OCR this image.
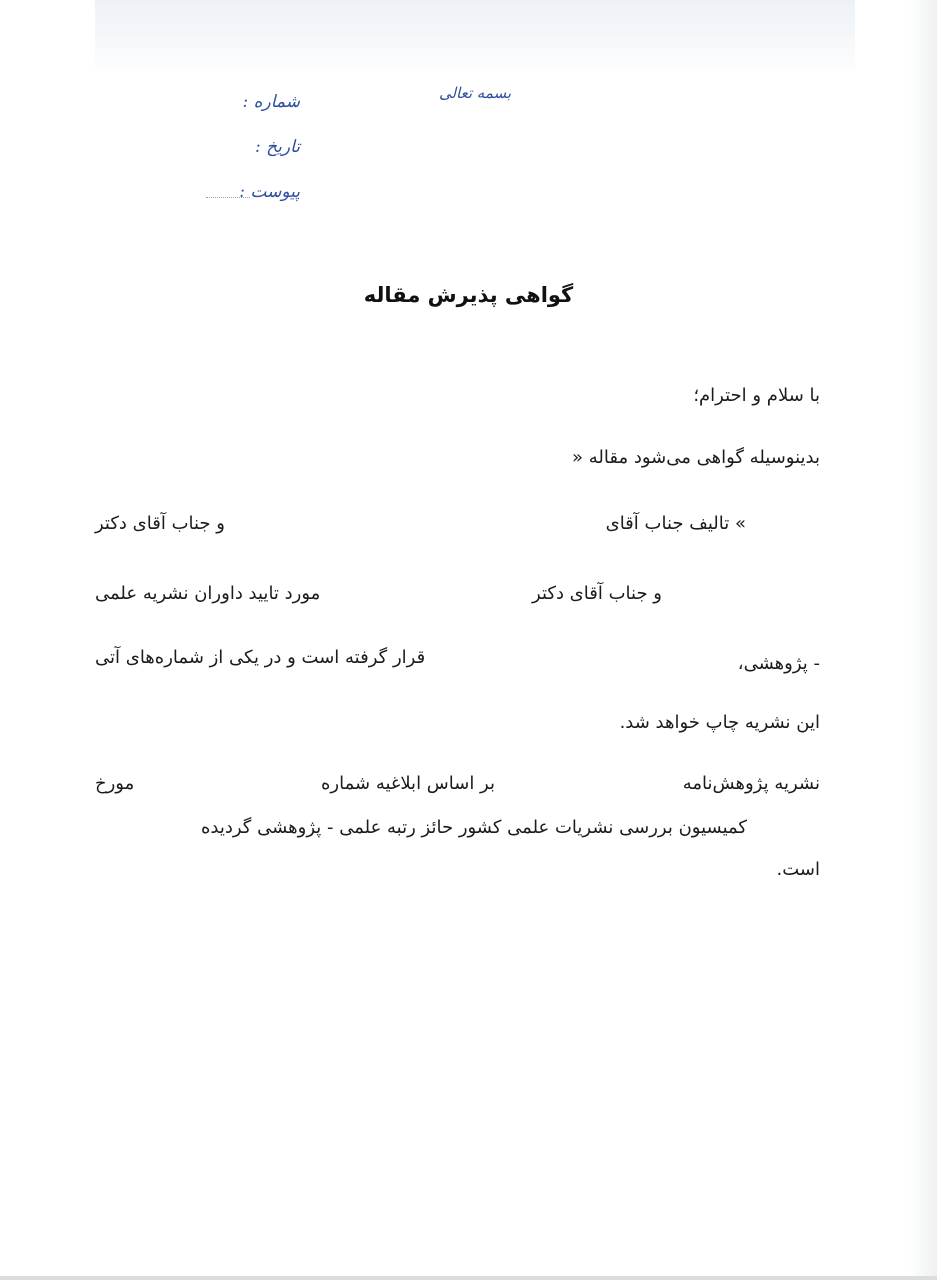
بسمه تعالی
شماره :
تاریخ :
پیوست :
گواهی پذیرش مقاله
با سلام و احترام؛
بدینوسیله گواهی می‌شود مقاله «
» تالیف جناب آقای
و جناب آقای دکتر
و جناب آقای دکتر
مورد تایید داوران نشریه علمی
- پژوهشی،
قرار گرفته است و در یکی از شماره‌های آتی
این نشریه چاپ خواهد شد.
نشریه پژوهش‌نامه
بر اساس ابلاغیه شماره
مورخ
کمیسیون بررسی نشریات علمی کشور حائز رتبه علمی - پژوهشی گردیده
است.
